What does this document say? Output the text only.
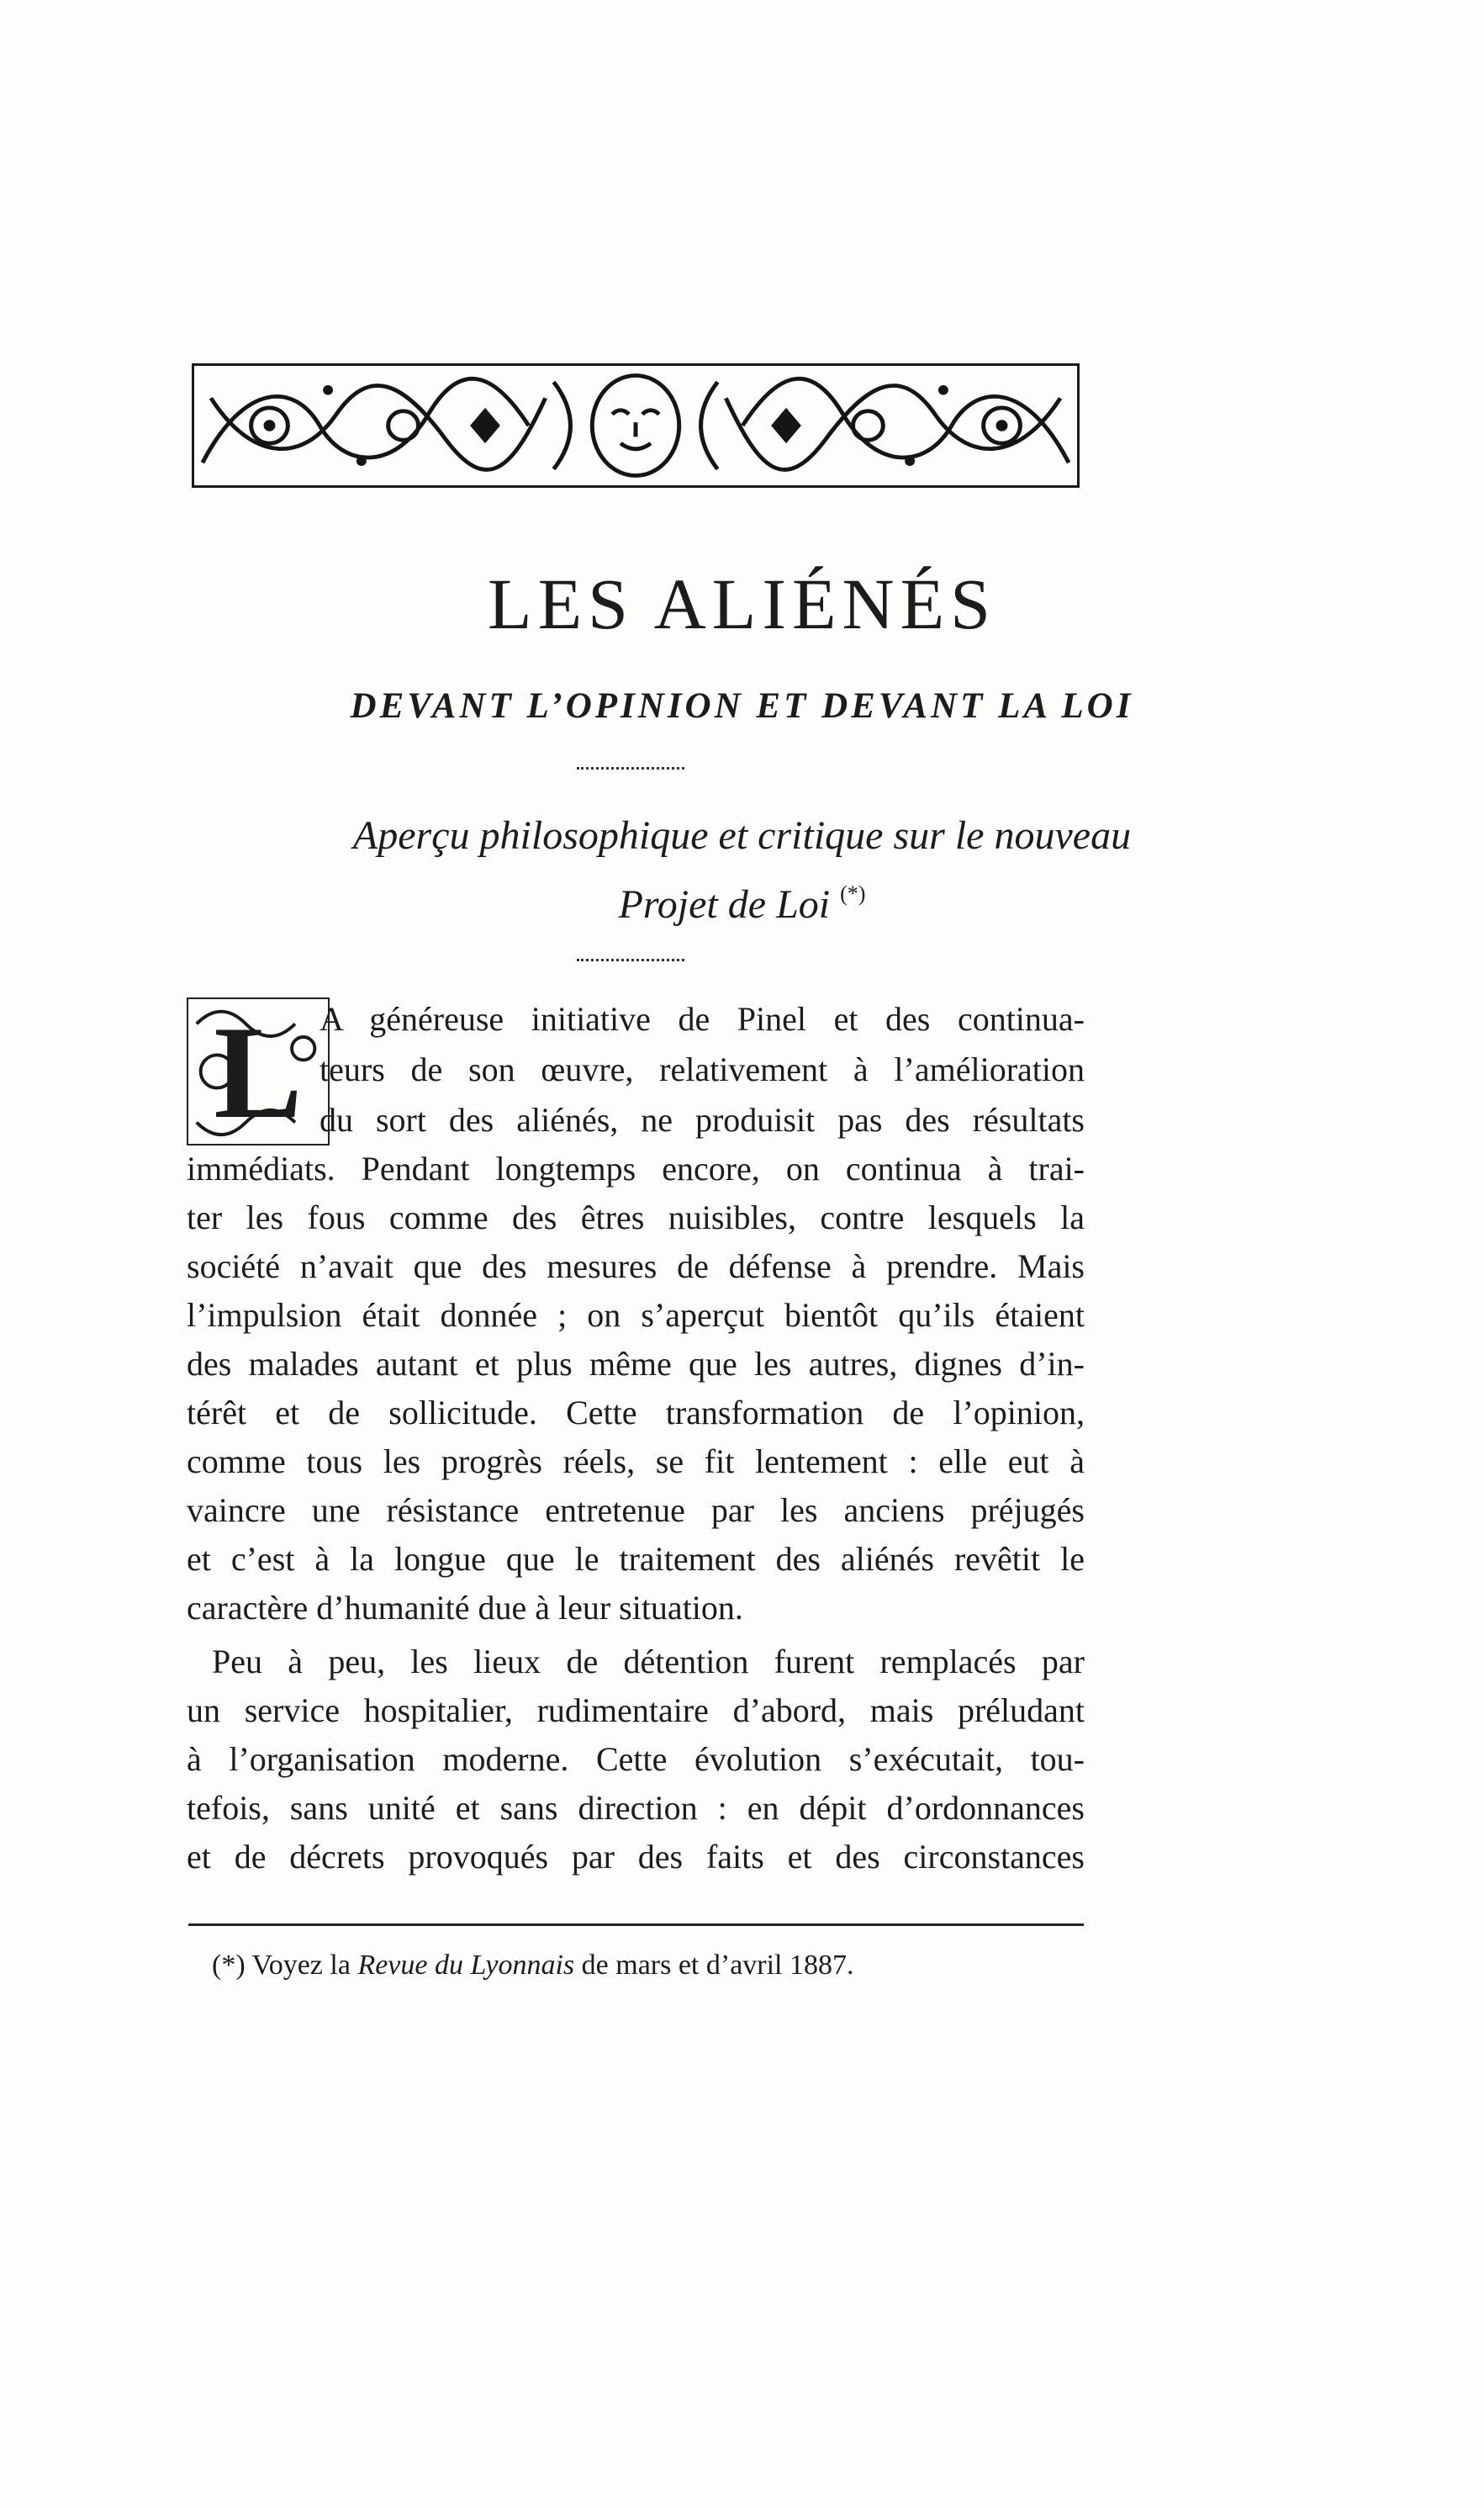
LES ALIÉNÉS
DEVANT L’OPINION ET DEVANT LA LOI

Aperçu philosophique et critique sur le nouveau

Projet de Loi (*)

L A généreuse initiative de Pinel et des continua-
teurs de son œuvre, relativement à l’amélioration
du sort des aliénés, ne produisit pas des résultats
immédiats. Pendant longtemps encore, on continua à trai-
ter les fous comme des êtres nuisibles, contre lesquels la
société n’avait que des mesures de défense à prendre. Mais
l’impulsion était donnée ; on s’aperçut bientôt qu’ils étaient
des malades autant et plus même que les autres, dignes d’in-
térêt et de sollicitude. Cette transformation de l’opinion,
comme tous les progrès réels, se fit lentement : elle eut à
vaincre une résistance entretenue par les anciens préjugés
et c’est à la longue que le traitement des aliénés revêtit le
caractère d’humanité due à leur situation.
Peu à peu, les lieux de détention furent remplacés par
un service hospitalier, rudimentaire d’abord, mais préludant
à l’organisation moderne. Cette évolution s’exécutait, tou-
tefois, sans unité et sans direction : en dépit d’ordonnances
et de décrets provoqués par des faits et des circonstances
(*) Voyez la Revue du Lyonnais de mars et d’avril 1887.
